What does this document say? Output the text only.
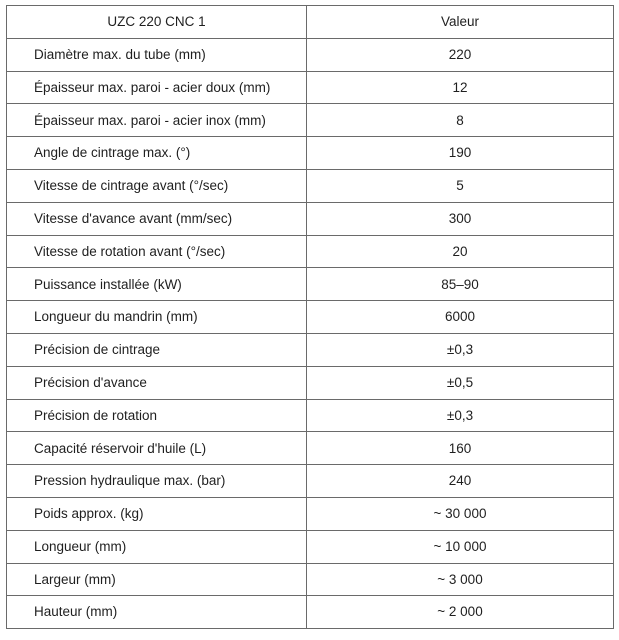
UZC 220 CNC 1	Valeur
Diamètre max. du tube (mm)	220
Épaisseur max. paroi - acier doux (mm)	12
Épaisseur max. paroi - acier inox (mm)	8
Angle de cintrage max. (°)	190
Vitesse de cintrage avant (°/sec)	5
Vitesse d'avance avant (mm/sec)	300
Vitesse de rotation avant (°/sec)	20
Puissance installée (kW)	85–90
Longueur du mandrin (mm)	6000
Précision de cintrage	±0,3
Précision d'avance	±0,5
Précision de rotation	±0,3
Capacité réservoir d'huile (L)	160
Pression hydraulique max. (bar)	240
Poids approx. (kg)	~ 30 000
Longueur (mm)	~ 10 000
Largeur (mm)	~ 3 000
Hauteur (mm)	~ 2 000
